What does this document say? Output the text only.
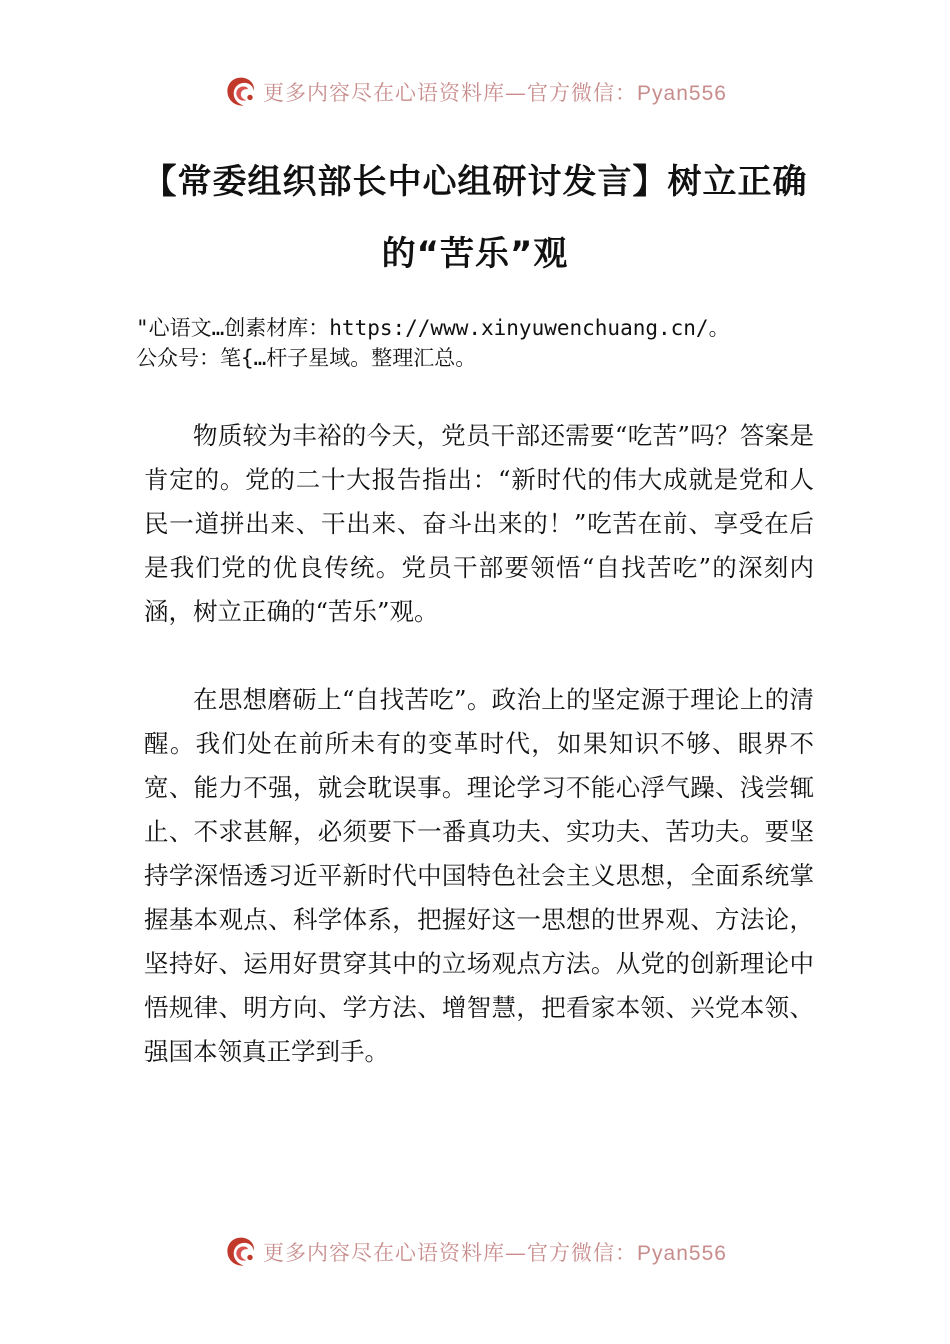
更多内容尽在心语资料库—官方微信：Pyan556
【常委组织部长中心组研讨发言】树立正确
的“苦乐”观
"心语文…创素材库：https://www.xinyuwenchuang.cn/。
公众号：笔{…杆子星域。整理汇总。
物质较为丰裕的今天，党员干部还需要“吃苦”吗？答案是肯定的。党的二十大报告指出：“新时代的伟大成就是党和人民一道拼出来、干出来、奋斗出来的！”吃苦在前、享受在后是我们党的优良传统。党员干部要领悟“自找苦吃”的深刻内涵，树立正确的“苦乐”观。
在思想磨砺上“自找苦吃”。政治上的坚定源于理论上的清醒。我们处在前所未有的变革时代，如果知识不够、眼界不宽、能力不强，就会耽误事。理论学习不能心浮气躁、浅尝辄止、不求甚解，必须要下一番真功夫、实功夫、苦功夫。要坚持学深悟透习近平新时代中国特色社会主义思想，全面系统掌握基本观点、科学体系，把握好这一思想的世界观、方法论，坚持好、运用好贯穿其中的立场观点方法。从党的创新理论中悟规律、明方向、学方法、增智慧，把看家本领、兴党本领、强国本领真正学到手。
更多内容尽在心语资料库—官方微信：Pyan556
